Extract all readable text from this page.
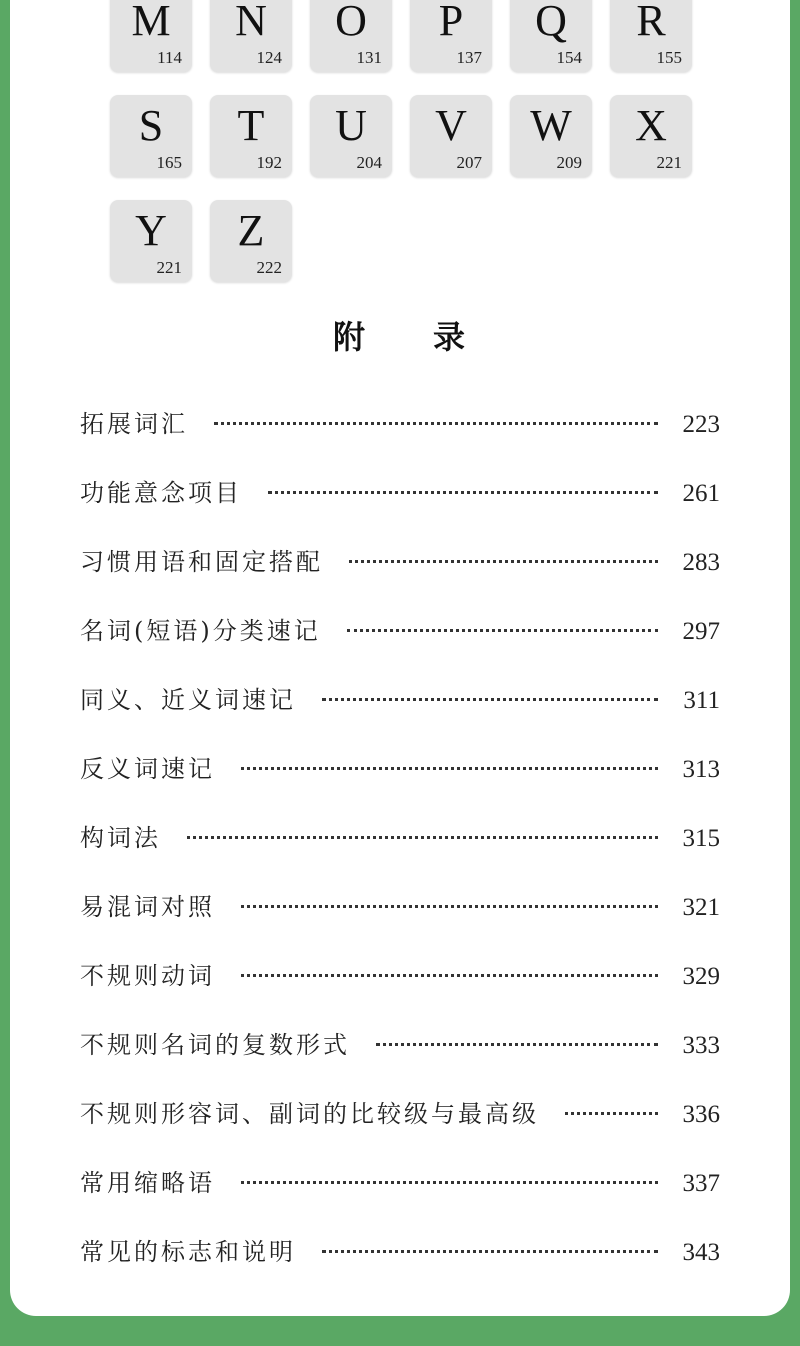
M
114
N
124
O
131
P
137
Q
154
R
155
S
165
T
192
U
204
V
207
W
209
X
221
Y
221
Z
222
附 录
拓展词汇	223
功能意念项目	261
习惯用语和固定搭配	283
名词(短语)分类速记	297
同义、近义词速记	311
反义词速记	313
构词法	315
易混词对照	321
不规则动词	329
不规则名词的复数形式	333
不规则形容词、副词的比较级与最高级	336
常用缩略语	337
常见的标志和说明	343
